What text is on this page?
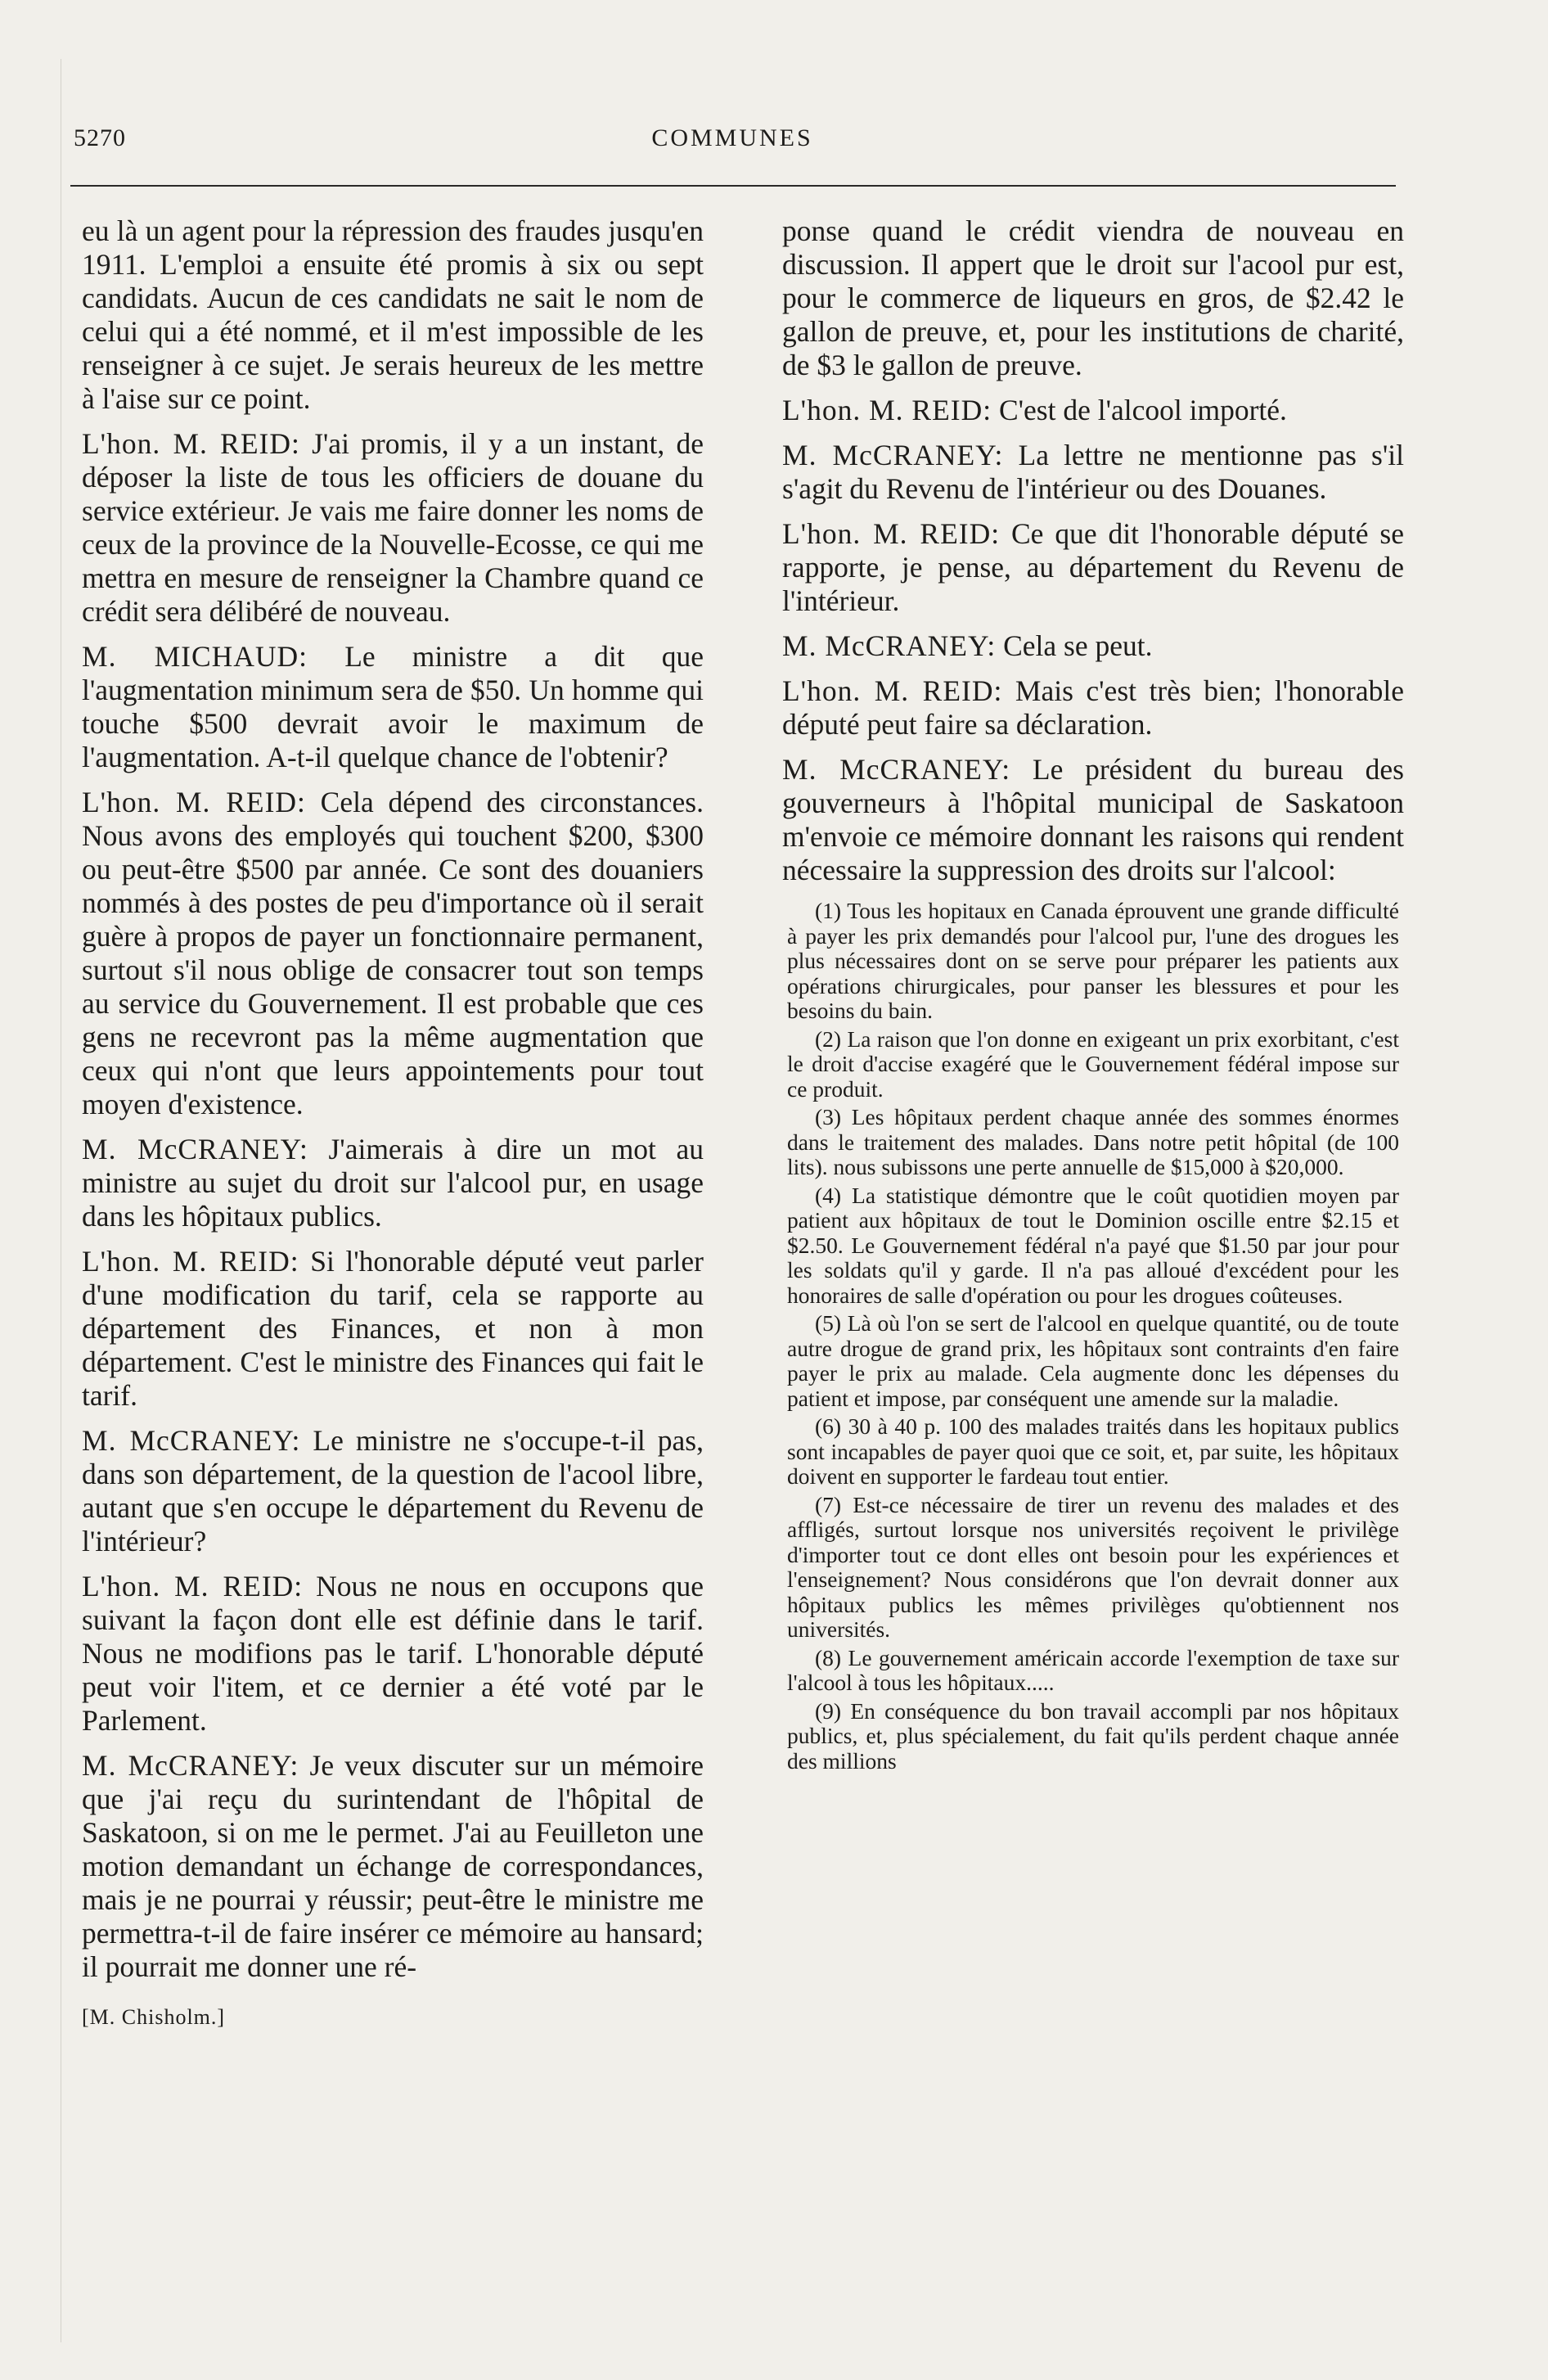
5270	COMMUNES

eu là un agent pour la répression des fraudes jusqu'en 1911. L'emploi a ensuite été promis à six ou sept candidats. Aucun de ces candidats ne sait le nom de celui qui a été nommé, et il m'est impossible de les renseigner à ce sujet. Je serais heureux de les mettre à l'aise sur ce point.

L'hon. M. REID: J'ai promis, il y a un instant, de déposer la liste de tous les officiers de douane du service extérieur. Je vais me faire donner les noms de ceux de la province de la Nouvelle-Ecosse, ce qui me mettra en mesure de renseigner la Chambre quand ce crédit sera délibéré de nouveau.

M. MICHAUD: Le ministre a dit que l'augmentation minimum sera de $50. Un homme qui touche $500 devrait avoir le maximum de l'augmentation. A-t-il quelque chance de l'obtenir?

L'hon. M. REID: Cela dépend des circonstances. Nous avons des employés qui touchent $200, $300 ou peut-être $500 par année. Ce sont des douaniers nommés à des postes de peu d'importance où il serait guère à propos de payer un fonctionnaire permanent, surtout s'il nous oblige de consacrer tout son temps au service du Gouvernement. Il est probable que ces gens ne recevront pas la même augmentation que ceux qui n'ont que leurs appointements pour tout moyen d'existence.

M. McCRANEY: J'aimerais à dire un mot au ministre au sujet du droit sur l'alcool pur, en usage dans les hôpitaux publics.

L'hon. M. REID: Si l'honorable député veut parler d'une modification du tarif, cela se rapporte au département des Finances, et non à mon département. C'est le ministre des Finances qui fait le tarif.

M. McCRANEY: Le ministre ne s'occupe-t-il pas, dans son département, de la question de l'acool libre, autant que s'en occupe le département du Revenu de l'intérieur?

L'hon. M. REID: Nous ne nous en occupons que suivant la façon dont elle est définie dans le tarif. Nous ne modifions pas le tarif. L'honorable député peut voir l'item, et ce dernier a été voté par le Parlement.

M. McCRANEY: Je veux discuter sur un mémoire que j'ai reçu du surintendant de l'hôpital de Saskatoon, si on me le permet. J'ai au Feuilleton une motion demandant un échange de correspondances, mais je ne pourrai y réussir; peut-être le ministre me permettra-t-il de faire insérer ce mémoire au hansard; il pourrait me donner une ré-

[M. Chisholm.]

ponse quand le crédit viendra de nouveau en discussion. Il appert que le droit sur l'acool pur est, pour le commerce de liqueurs en gros, de $2.42 le gallon de preuve, et, pour les institutions de charité, de $3 le gallon de preuve.

L'hon. M. REID: C'est de l'alcool importé.

M. McCRANEY: La lettre ne mentionne pas s'il s'agit du Revenu de l'intérieur ou des Douanes.

L'hon. M. REID: Ce que dit l'honorable député se rapporte, je pense, au département du Revenu de l'intérieur.

M. McCRANEY: Cela se peut.

L'hon. M. REID: Mais c'est très bien; l'honorable député peut faire sa déclaration.

M. McCRANEY: Le président du bureau des gouverneurs à l'hôpital municipal de Saskatoon m'envoie ce mémoire donnant les raisons qui rendent nécessaire la suppression des droits sur l'alcool:

(1) Tous les hopitaux en Canada éprouvent une grande difficulté à payer les prix demandés pour l'alcool pur, l'une des drogues les plus nécessaires dont on se serve pour préparer les patients aux opérations chirurgicales, pour panser les blessures et pour les besoins du bain.

(2) La raison que l'on donne en exigeant un prix exorbitant, c'est le droit d'accise exagéré que le Gouvernement fédéral impose sur ce produit.

(3) Les hôpitaux perdent chaque année des sommes énormes dans le traitement des malades. Dans notre petit hôpital (de 100 lits). nous subissons une perte annuelle de $15,000 à $20,000.

(4) La statistique démontre que le coût quotidien moyen par patient aux hôpitaux de tout le Dominion oscille entre $2.15 et $2.50. Le Gouvernement fédéral n'a payé que $1.50 par jour pour les soldats qu'il y garde. Il n'a pas alloué d'excédent pour les honoraires de salle d'opération ou pour les drogues coûteuses.

(5) Là où l'on se sert de l'alcool en quelque quantité, ou de toute autre drogue de grand prix, les hôpitaux sont contraints d'en faire payer le prix au malade. Cela augmente donc les dépenses du patient et impose, par conséquent une amende sur la maladie.

(6) 30 à 40 p. 100 des malades traités dans les hopitaux publics sont incapables de payer quoi que ce soit, et, par suite, les hôpitaux doivent en supporter le fardeau tout entier.

(7) Est-ce nécessaire de tirer un revenu des malades et des affligés, surtout lorsque nos universités reçoivent le privilège d'importer tout ce dont elles ont besoin pour les expériences et l'enseignement? Nous considérons que l'on devrait donner aux hôpitaux publics les mêmes privilèges qu'obtiennent nos universités.

(8) Le gouvernement américain accorde l'exemption de taxe sur l'alcool à tous les hôpitaux.....

(9) En conséquence du bon travail accompli par nos hôpitaux publics, et, plus spécialement, du fait qu'ils perdent chaque année des millions
